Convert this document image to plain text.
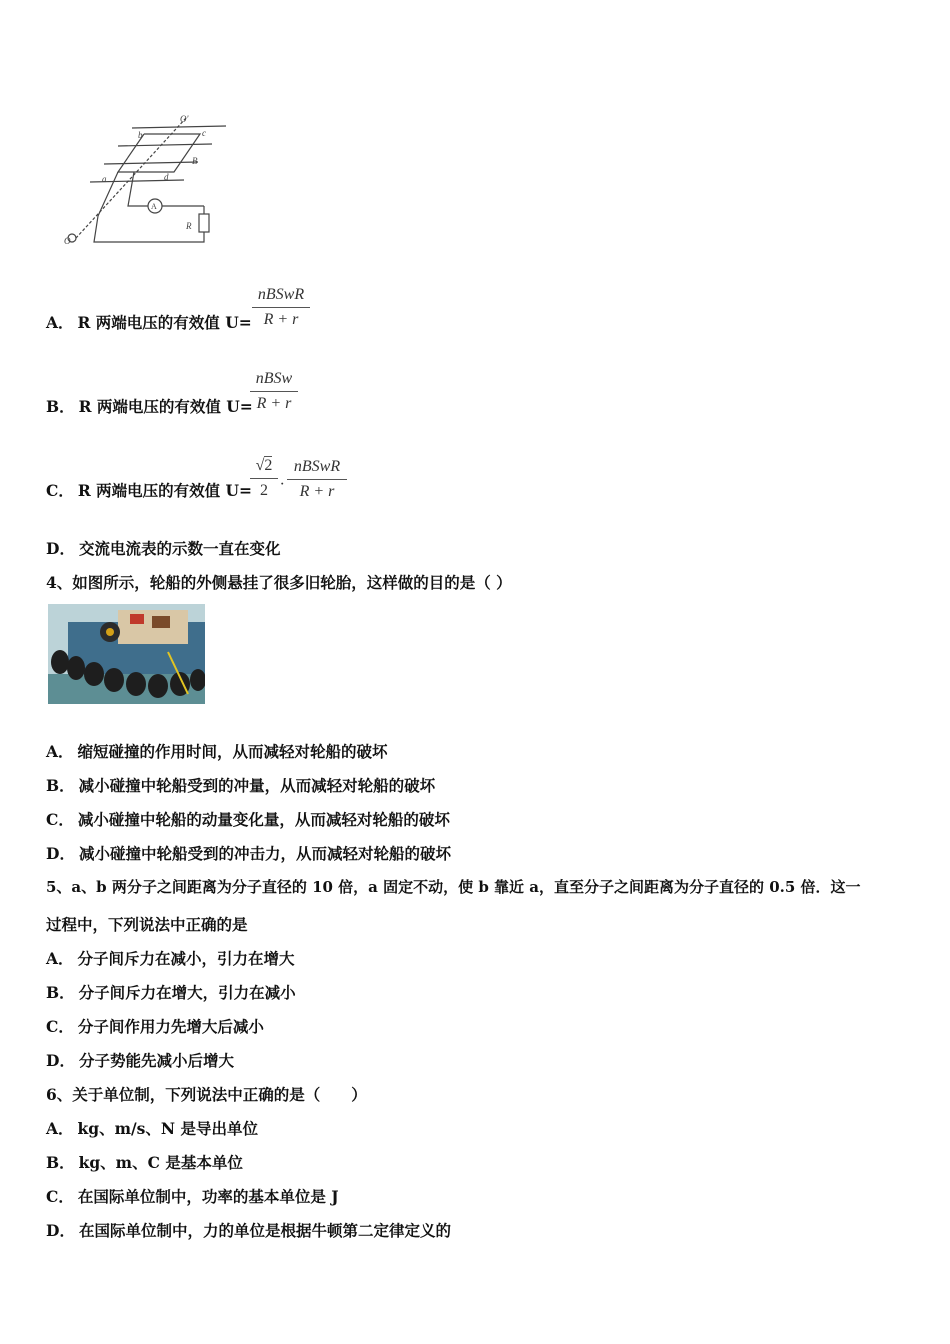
O'
O
a
b	c
d
B
R
A
A． R 两端电压的有效值 U=
nBSwR
R + r
B． R 两端电压的有效值 U=
nBSw
R + r
C． R 两端电压的有效值 U=
√2
2 ·
nBSwR
R + r
D． 交流电流表的示数一直在变化
4、如图所示，轮船的外侧悬挂了很多旧轮胎，这样做的目的是（ ）
A． 缩短碰撞的作用时间，从而减轻对轮船的破坏
B． 减小碰撞中轮船受到的冲量，从而减轻对轮船的破坏
C． 减小碰撞中轮船的动量变化量，从而减轻对轮船的破坏
D． 减小碰撞中轮船受到的冲击力，从而减轻对轮船的破坏
5、a、b 两分子之间距离为分子直径的 10 倍，a 固定不动，使 b 靠近 a，直至分子之间距离为分子直径的 0.5 倍．这一
过程中，下列说法中正确的是
A． 分子间斥力在减小，引力在增大
B． 分子间斥力在增大，引力在减小
C． 分子间作用力先增大后减小
D． 分子势能先减小后增大
6、关于单位制，下列说法中正确的是（　　）
A． kg、m/s、N 是导出单位
B． kg、m、C 是基本单位
C． 在国际单位制中，功率的基本单位是 J
D． 在国际单位制中，力的单位是根据牛顿第二定律定义的
